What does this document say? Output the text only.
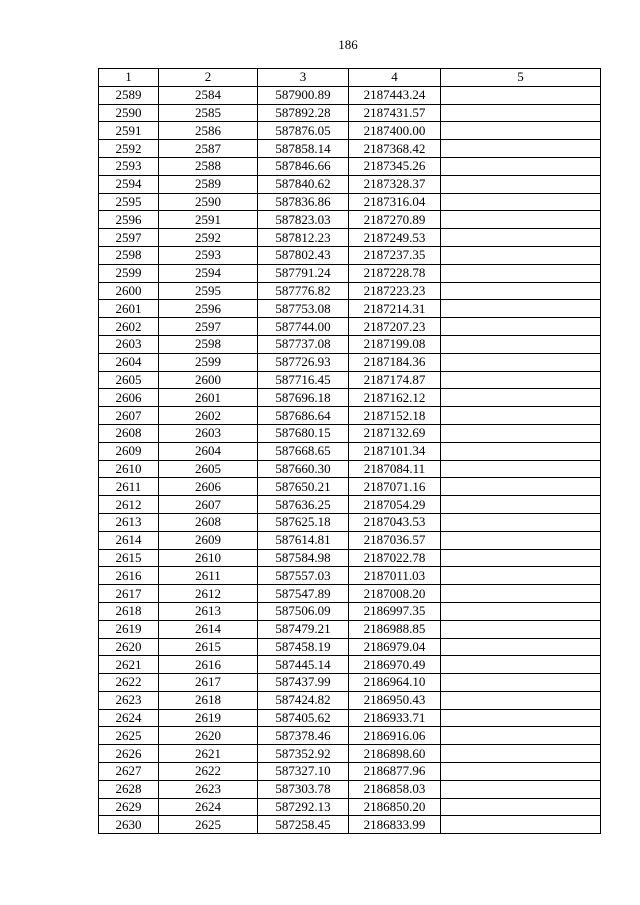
186
1	2	3	4	5
2589	2584	587900.89	2187443.24	
2590	2585	587892.28	2187431.57	
2591	2586	587876.05	2187400.00	
2592	2587	587858.14	2187368.42	
2593	2588	587846.66	2187345.26	
2594	2589	587840.62	2187328.37	
2595	2590	587836.86	2187316.04	
2596	2591	587823.03	2187270.89	
2597	2592	587812.23	2187249.53	
2598	2593	587802.43	2187237.35	
2599	2594	587791.24	2187228.78	
2600	2595	587776.82	2187223.23	
2601	2596	587753.08	2187214.31	
2602	2597	587744.00	2187207.23	
2603	2598	587737.08	2187199.08	
2604	2599	587726.93	2187184.36	
2605	2600	587716.45	2187174.87	
2606	2601	587696.18	2187162.12	
2607	2602	587686.64	2187152.18	
2608	2603	587680.15	2187132.69	
2609	2604	587668.65	2187101.34	
2610	2605	587660.30	2187084.11	
2611	2606	587650.21	2187071.16	
2612	2607	587636.25	2187054.29	
2613	2608	587625.18	2187043.53	
2614	2609	587614.81	2187036.57	
2615	2610	587584.98	2187022.78	
2616	2611	587557.03	2187011.03	
2617	2612	587547.89	2187008.20	
2618	2613	587506.09	2186997.35	
2619	2614	587479.21	2186988.85	
2620	2615	587458.19	2186979.04	
2621	2616	587445.14	2186970.49	
2622	2617	587437.99	2186964.10	
2623	2618	587424.82	2186950.43	
2624	2619	587405.62	2186933.71	
2625	2620	587378.46	2186916.06	
2626	2621	587352.92	2186898.60	
2627	2622	587327.10	2186877.96	
2628	2623	587303.78	2186858.03	
2629	2624	587292.13	2186850.20	
2630	2625	587258.45	2186833.99	
